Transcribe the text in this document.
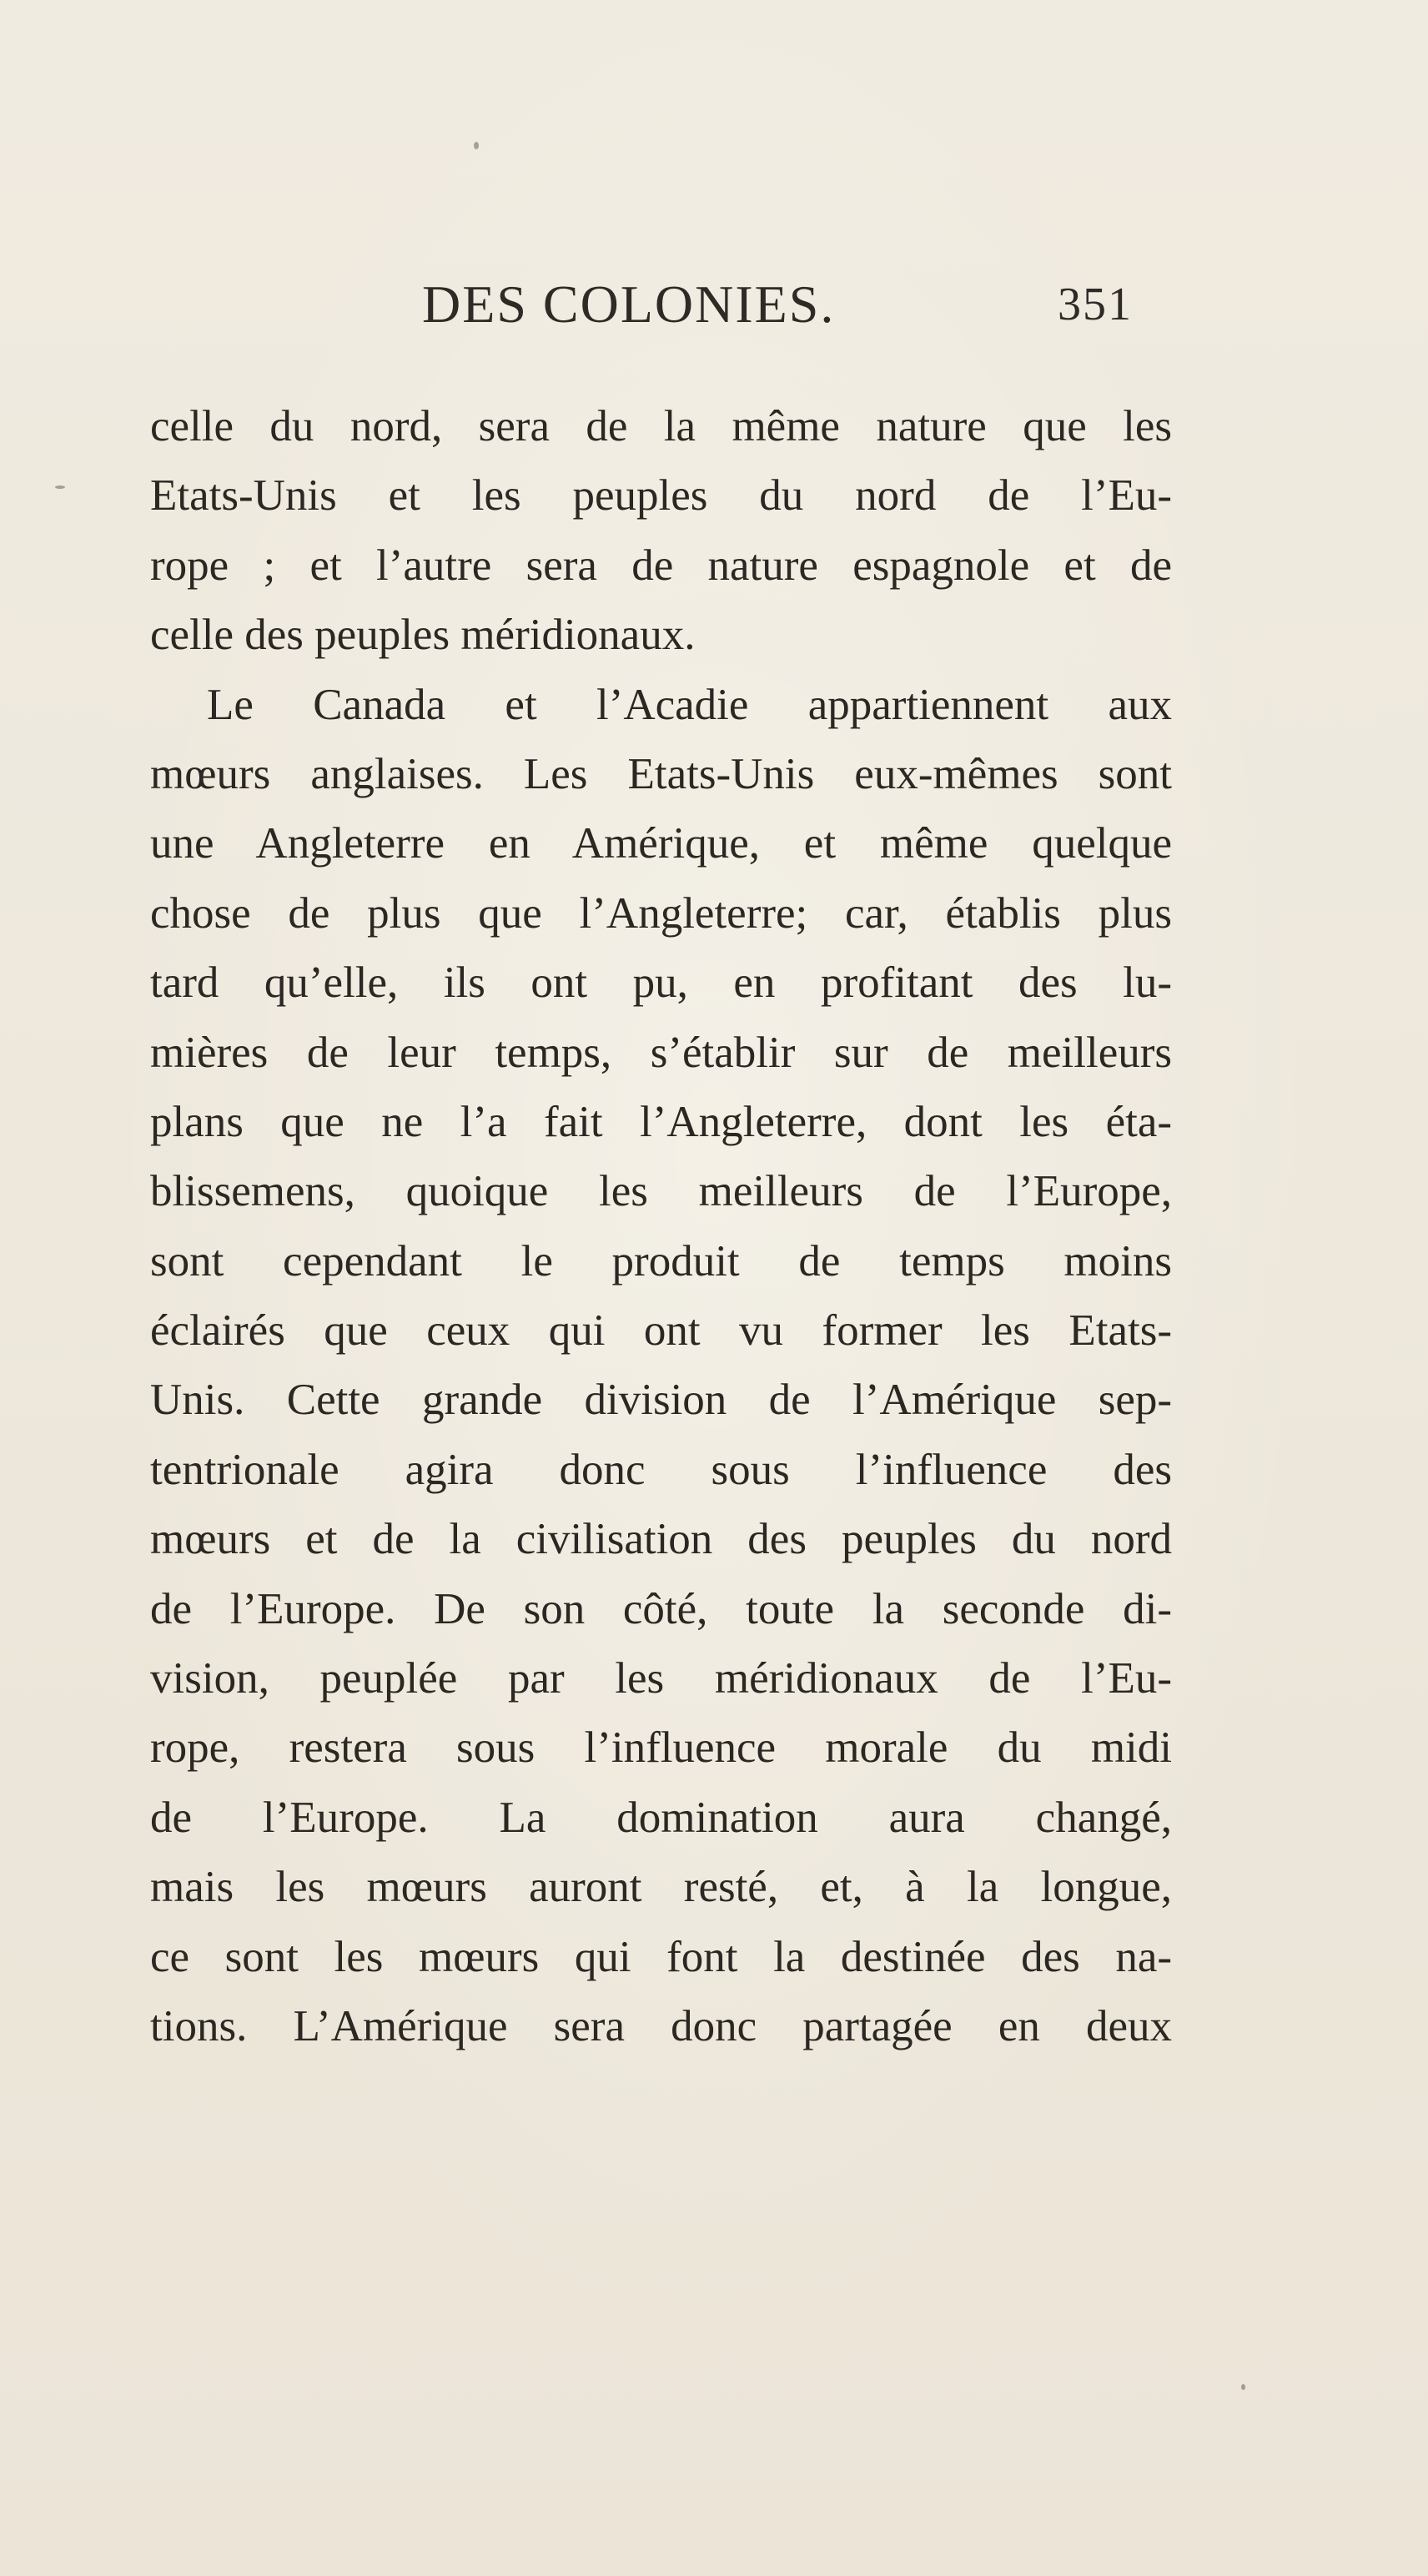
DES COLONIES.	351
celle du nord, sera de la même nature que les
Etats-Unis et les peuples du nord de l’Eu-
rope ; et l’autre sera de nature espagnole et de
celle des peuples méridionaux.
Le Canada et l’Acadie appartiennent aux
mœurs anglaises. Les Etats-Unis eux-mêmes sont
une Angleterre en Amérique, et même quelque
chose de plus que l’Angleterre; car, établis plus
tard qu’elle, ils ont pu, en profitant des lu-
mières de leur temps, s’établir sur de meilleurs
plans que ne l’a fait l’Angleterre, dont les éta-
blissemens, quoique les meilleurs de l’Europe,
sont cependant le produit de temps moins
éclairés que ceux qui ont vu former les Etats-
Unis. Cette grande division de l’Amérique sep-
tentrionale agira donc sous l’influence des
mœurs et de la civilisation des peuples du nord
de l’Europe. De son côté, toute la seconde di-
vision, peuplée par les méridionaux de l’Eu-
rope, restera sous l’influence morale du midi
de l’Europe. La domination aura changé,
mais les mœurs auront resté, et, à la longue,
ce sont les mœurs qui font la destinée des na-
tions. L’Amérique sera donc partagée en deux
